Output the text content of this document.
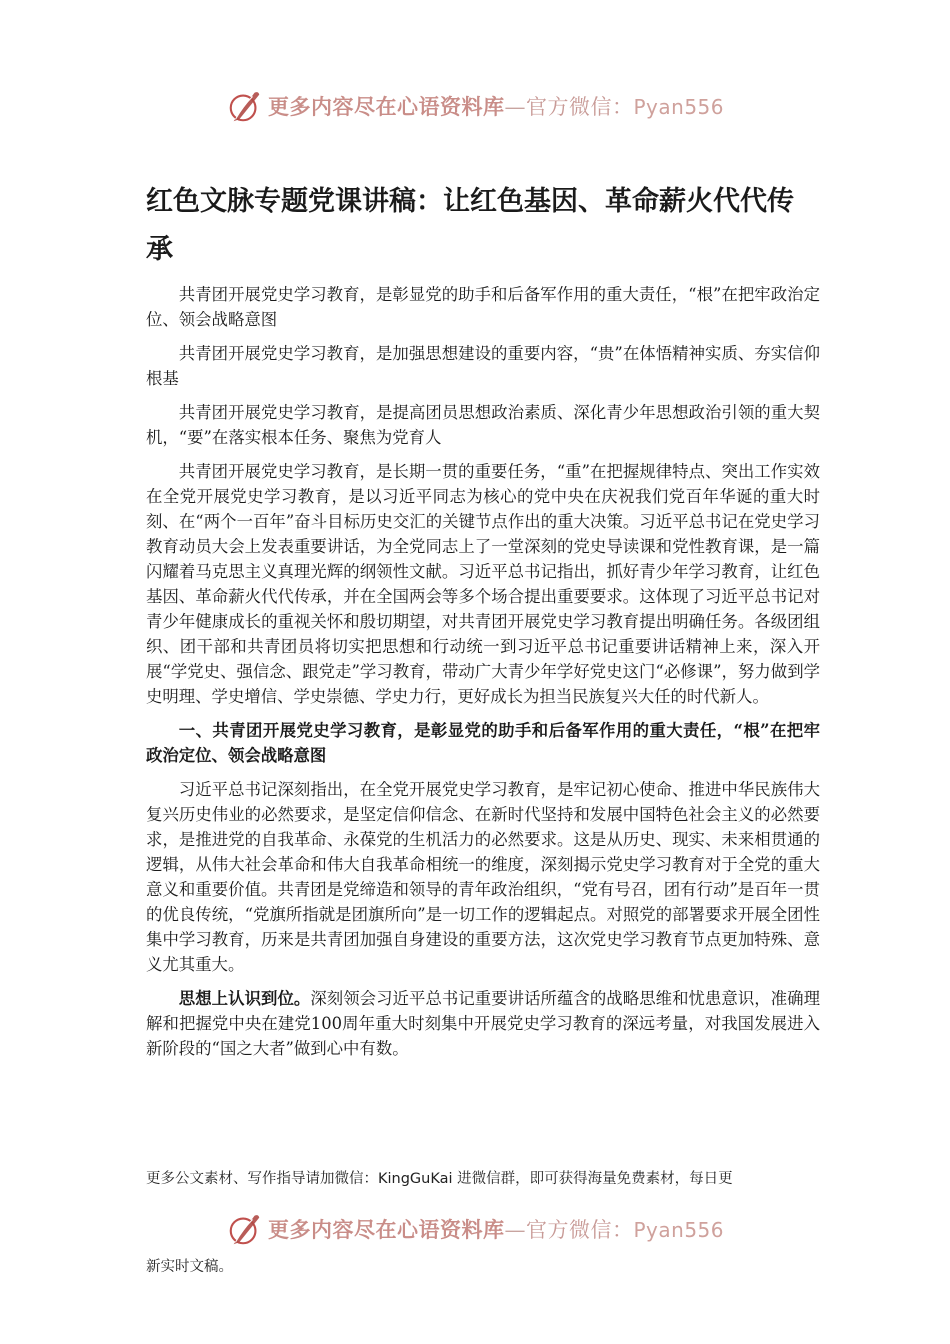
更多内容尽在心语资料库—官方微信：Pyan556
红色文脉专题党课讲稿：让红色基因、革命薪火代代传承

共青团开展党史学习教育，是彰显党的助手和后备军作用的重大责任，“根”在把牢政治定位、领会战略意图

共青团开展党史学习教育，是加强思想建设的重要内容，“贵”在体悟精神实质、夯实信仰根基

共青团开展党史学习教育，是提高团员思想政治素质、深化青少年思想政治引领的重大契机，“要”在落实根本任务、聚焦为党育人

共青团开展党史学习教育，是长期一贯的重要任务，“重”在把握规律特点、突出工作实效在全党开展党史学习教育，是以习近平同志为核心的党中央在庆祝我们党百年华诞的重大时刻、在“两个一百年”奋斗目标历史交汇的关键节点作出的重大决策。习近平总书记在党史学习教育动员大会上发表重要讲话，为全党同志上了一堂深刻的党史导读课和党性教育课，是一篇闪耀着马克思主义真理光辉的纲领性文献。习近平总书记指出，抓好青少年学习教育，让红色基因、革命薪火代代传承，并在全国两会等多个场合提出重要要求。这体现了习近平总书记对青少年健康成长的重视关怀和殷切期望，对共青团开展党史学习教育提出明确任务。各级团组织、团干部和共青团员将切实把思想和行动统一到习近平总书记重要讲话精神上来，深入开展“学党史、强信念、跟党走”学习教育，带动广大青少年学好党史这门“必修课”，努力做到学史明理、学史增信、学史崇德、学史力行，更好成长为担当民族复兴大任的时代新人。

一、共青团开展党史学习教育，是彰显党的助手和后备军作用的重大责任，“根”在把牢政治定位、领会战略意图

习近平总书记深刻指出，在全党开展党史学习教育，是牢记初心使命、推进中华民族伟大复兴历史伟业的必然要求，是坚定信仰信念、在新时代坚持和发展中国特色社会主义的必然要求，是推进党的自我革命、永葆党的生机活力的必然要求。这是从历史、现实、未来相贯通的逻辑，从伟大社会革命和伟大自我革命相统一的维度，深刻揭示党史学习教育对于全党的重大意义和重要价值。共青团是党缔造和领导的青年政治组织，“党有号召，团有行动”是百年一贯的优良传统，“党旗所指就是团旗所向”是一切工作的逻辑起点。对照党的部署要求开展全团性集中学习教育，历来是共青团加强自身建设的重要方法，这次党史学习教育节点更加特殊、意义尤其重大。

思想上认识到位。深刻领会习近平总书记重要讲话所蕴含的战略思维和忧患意识，准确理解和把握党中央在建党100周年重大时刻集中开展党史学习教育的深远考量，对我国发展进入新阶段的“国之大者”做到心中有数。

更多公文素材、写作指导请加微信：KingGuKai 进微信群，即可获得海量免费素材，每日更
更多内容尽在心语资料库—官方微信：Pyan556
新实时文稿。
